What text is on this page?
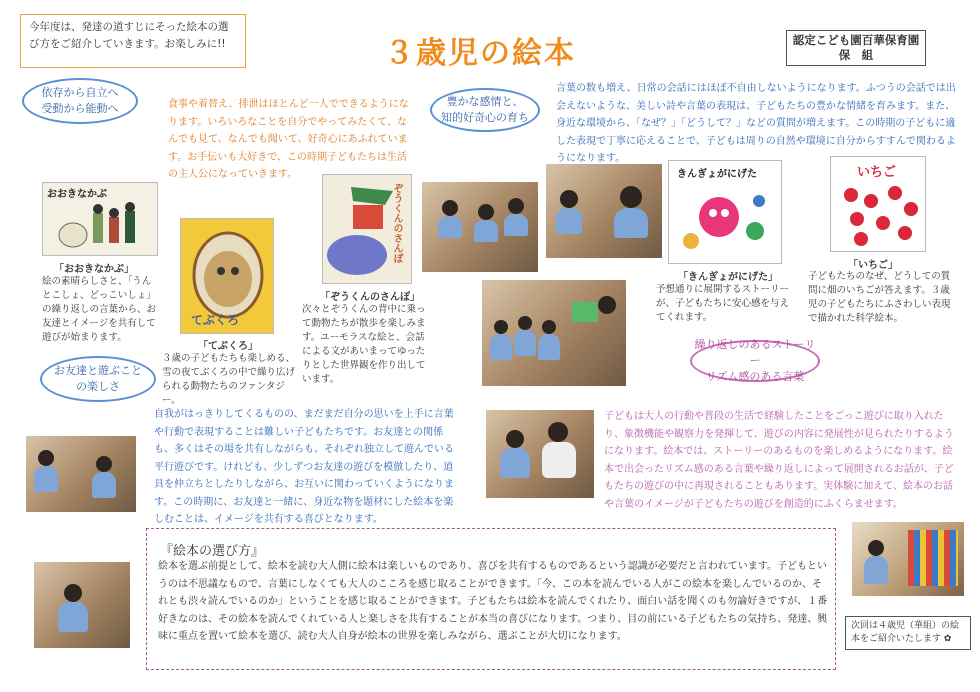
今年度は、発達の道すじにそった絵本の選び方をご紹介していきます。お楽しみに!!	３歳児の絵本	認定こども園百華保育園
保　組
依存から自立へ
受動から能動へ	食事や着替え、排泄はほとんど一人でできるようになります。いろいろなことを自分でやってみたくて、なんでも見て、なんでも聞いて、好奇心にあふれています。お手伝いも大好きで、この時期子どもたちは生活の主人公になっていきます。
豊かな感情と、
知的好奇心の育ち
言葉の数も増え、日常の会話にはほぼ不自由しないようになります。ふつうの会話では出会えないような、美しい詩や言葉の表現は、子どもたちの豊かな情緒を育みます。また、身近な環境から、「なぜ？」「どうして？」などの質問が増えます。この時期の子どもに適した表現で丁寧に応えることで、子どもは周りの自然や環境に自分からすすんで関わるようになります。
おおきなかぶ
「おおきなかぶ」
絵の素晴らしさと、「うんとこしょ、どっこいしょ」の繰り返しの言葉から、お友達とイメージを共有して遊びが始まります。
てぶくろ
「てぶくろ」
３歳の子どもたちも楽しめる、雪の夜てぶくろの中で繰り広げられる動物たちのファンタジー。
ぞうくんのさんぽ
「ぞうくんのさんぽ」
次々とぞうくんの背中に乗って動物たちが散歩を楽しみます。ユーモラスな絵と、会話による文があいまってゆったりとした世界観を作り出しています。
きんぎょがにげた
「きんぎょがにげた」
予想通りに展開するストーリーが、子どもたちに安心感を与えてくれます。
いちご
「いちご」
子どもたちのなぜ、どうしての質問に畑のいちごが答えます。３歳児の子どもたちにふさわしい表現で描かれた科学絵本。
お友達と遊ぶこと
の楽しさ
自我がはっきりしてくるものの、まだまだ自分の思いを上手に言葉や行動で表現することは難しい子どもたちです。お友達との関係も、多くはその場を共有しながらも、それぞれ独立して遊んでいる平行遊びです。けれども、少しずつお友達の遊びを模倣したり、道具を仲立ちとしたりしながら、お互いに関わっていくようになります。この時期に、お友達と一緒に、身近な物を題材にした絵本を楽しむことは、イメージを共有する喜びとなります。
繰り返しのあるストーリー
リズム感のある言葉
子どもは大人の行動や普段の生活で経験したことをごっこ遊びに取り入れたり、象徴機能や観察力を発揮して、遊びの内容に発展性が見られたりするようになります。絵本では、ストーリーのあるものを楽しめるようになります。絵本で出会ったリズム感のある言葉や繰り返しによって展開されるお話が、子どもたちの遊びの中に再現されることもあります。実体験に加えて、絵本のお話や言葉のイメージが子どもたちの遊びを創造的にふくらませます。
『絵本の選び方』
絵本を選ぶ前提として、絵本を読む大人側に絵本は楽しいものであり、喜びを共有するものであるという認識が必要だと言われています。子どもというのは不思議なもので、言葉にしなくても大人のこころを感じ取ることができます。「今、この本を読んでいる人がこの絵本を楽しんでいるのか、それとも渋々読んでいるのか」ということを感じ取ることができます。子どもたちは絵本を読んでくれたり、面白い話を聞くのも勿論好きですが、１番好きなのは、その絵本を読んでくれている人と楽しさを共有することが本当の喜びになります。つまり、目の前にいる子どもたちの気持ち、発達、興味に重点を置いて絵本を選び、読む大人自身が絵本の世界を楽しみながら、選ぶことが大切になります。
次回は４歳児（華組）の絵本をご紹介いたします ✿
